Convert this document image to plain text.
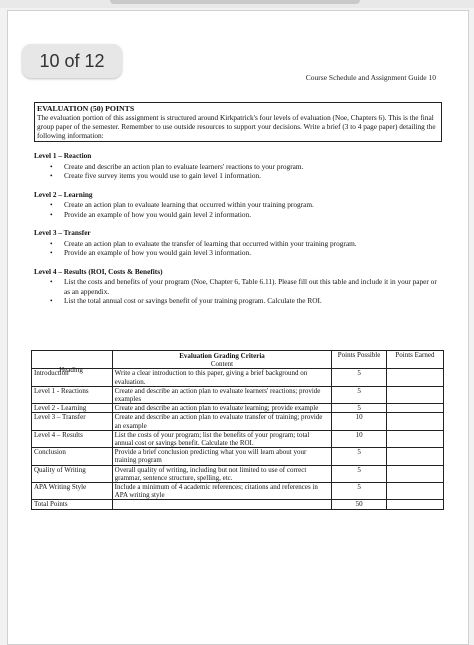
10 of 12
Course Schedule and Assignment Guide 10
EVALUATION (50) POINTS
The evaluation portion of this assignment is structured around Kirkpatrick's four levels of evaluation (Noe, Chapters 6). This is the final group paper of the semester. Remember to use outside resources to support your decisions. Write a brief (3 to 4 page paper) detailing the following information:
Level 1 – Reaction
• Create and describe an action plan to evaluate learners' reactions to your program.
• Create five survey items you would use to gain level 1 information.
Level 2 – Learning
• Create an action plan to evaluate learning that occurred within your training program.
• Provide an example of how you would gain level 2 information.
Level 3 – Transfer
• Create an action plan to evaluate the transfer of learning that occurred within your training program.
• Provide an example of how you would gain level 3 information.
Level 4 – Results (ROI, Costs & Benefits)
• List the costs and benefits of your program (Noe, Chapter 6, Table 6.11). Please fill out this table and include it in your paper or as an appendix.
• List the total annual cost or savings benefit of your training program. Calculate the ROI.

	Evaluation Grading Criteria
Content	Points Possible	Points Earned
Introduction	Write a clear introduction to this paper, giving a brief background on evaluation.	5	
Level 1 - Reactions	Create and describe an action plan to evaluate learners' reactions; provide examples	5	
Level 2 - Learning	Create and describe an action plan to evaluate learning; provide example	5	
Level 3 – Transfer	Create and describe an action plan to evaluate transfer of training; provide an example	10	
Level 4 – Results	List the costs of your program; list the benefits of your program; total annual cost or savings benefit. Calculate the ROI.	10	
Conclusion	Provide a brief conclusion predicting what you will learn about your training program	5	
Quality of Writing	Overall quality of writing, including but not limited to use of correct grammar, sentence structure, spelling, etc.	5	
APA Writing Style	Include a minimum of 4 academic references; citations and references in APA writing style	5	
Total Points		50	
Heading
